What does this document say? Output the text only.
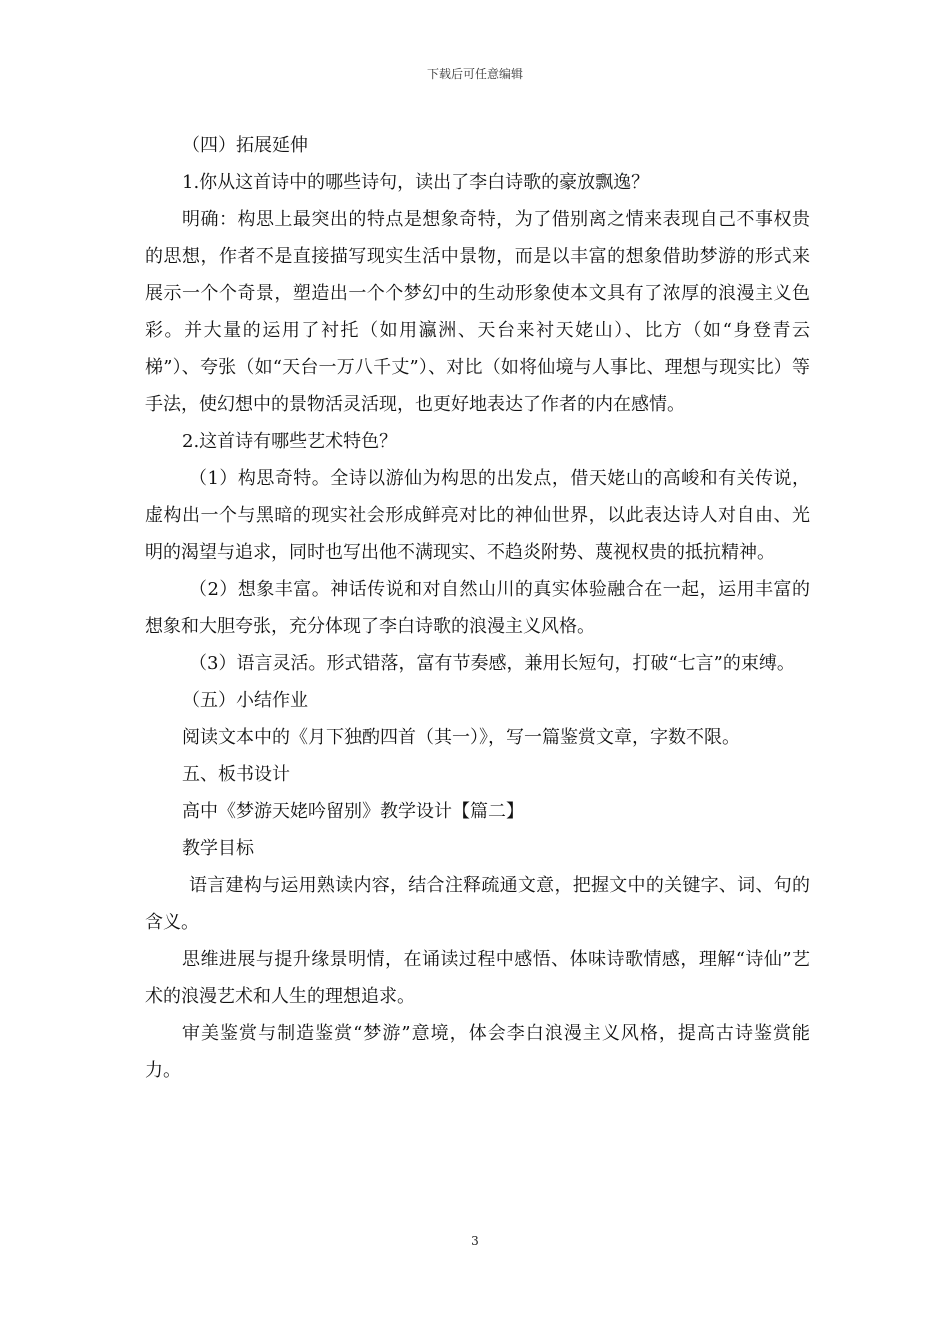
下载后可任意编辑

（四）拓展延伸

1.你从这首诗中的哪些诗句，读出了李白诗歌的豪放飘逸？

明确：构思上最突出的特点是想象奇特，为了借别离之情来表现自己不事权贵的思想，作者不是直接描写现实生活中景物，而是以丰富的想象借助梦游的形式来展示一个个奇景，塑造出一个个梦幻中的生动形象使本文具有了浓厚的浪漫主义色彩。并大量的运用了衬托（如用瀛洲、天台来衬天姥山）、比方（如“身登青云梯”）、夸张（如“天台一万八千丈”）、对比（如将仙境与人事比、理想与现实比）等手法，使幻想中的景物活灵活现，也更好地表达了作者的内在感情。

2.这首诗有哪些艺术特色？

（1）构思奇特。全诗以游仙为构思的出发点，借天姥山的高峻和有关传说，虚构出一个与黑暗的现实社会形成鲜亮对比的神仙世界，以此表达诗人对自由、光明的渴望与追求，同时也写出他不满现实、不趋炎附势、蔑视权贵的抵抗精神。

（2）想象丰富。神话传说和对自然山川的真实体验融合在一起，运用丰富的想象和大胆夸张，充分体现了李白诗歌的浪漫主义风格。

（3）语言灵活。形式错落，富有节奏感，兼用长短句，打破“七言”的束缚。

（五）小结作业

阅读文本中的《月下独酌四首（其一）》，写一篇鉴赏文章，字数不限。

五、板书设计

高中《梦游天姥吟留别》教学设计【篇二】

教学目标

语言建构与运用熟读内容，结合注释疏通文意，把握文中的关键字、词、句的含义。

思维进展与提升缘景明情，在诵读过程中感悟、体味诗歌情感，理解“诗仙”艺术的浪漫艺术和人生的理想追求。

审美鉴赏与制造鉴赏“梦游”意境，体会李白浪漫主义风格，提高古诗鉴赏能力。

3
